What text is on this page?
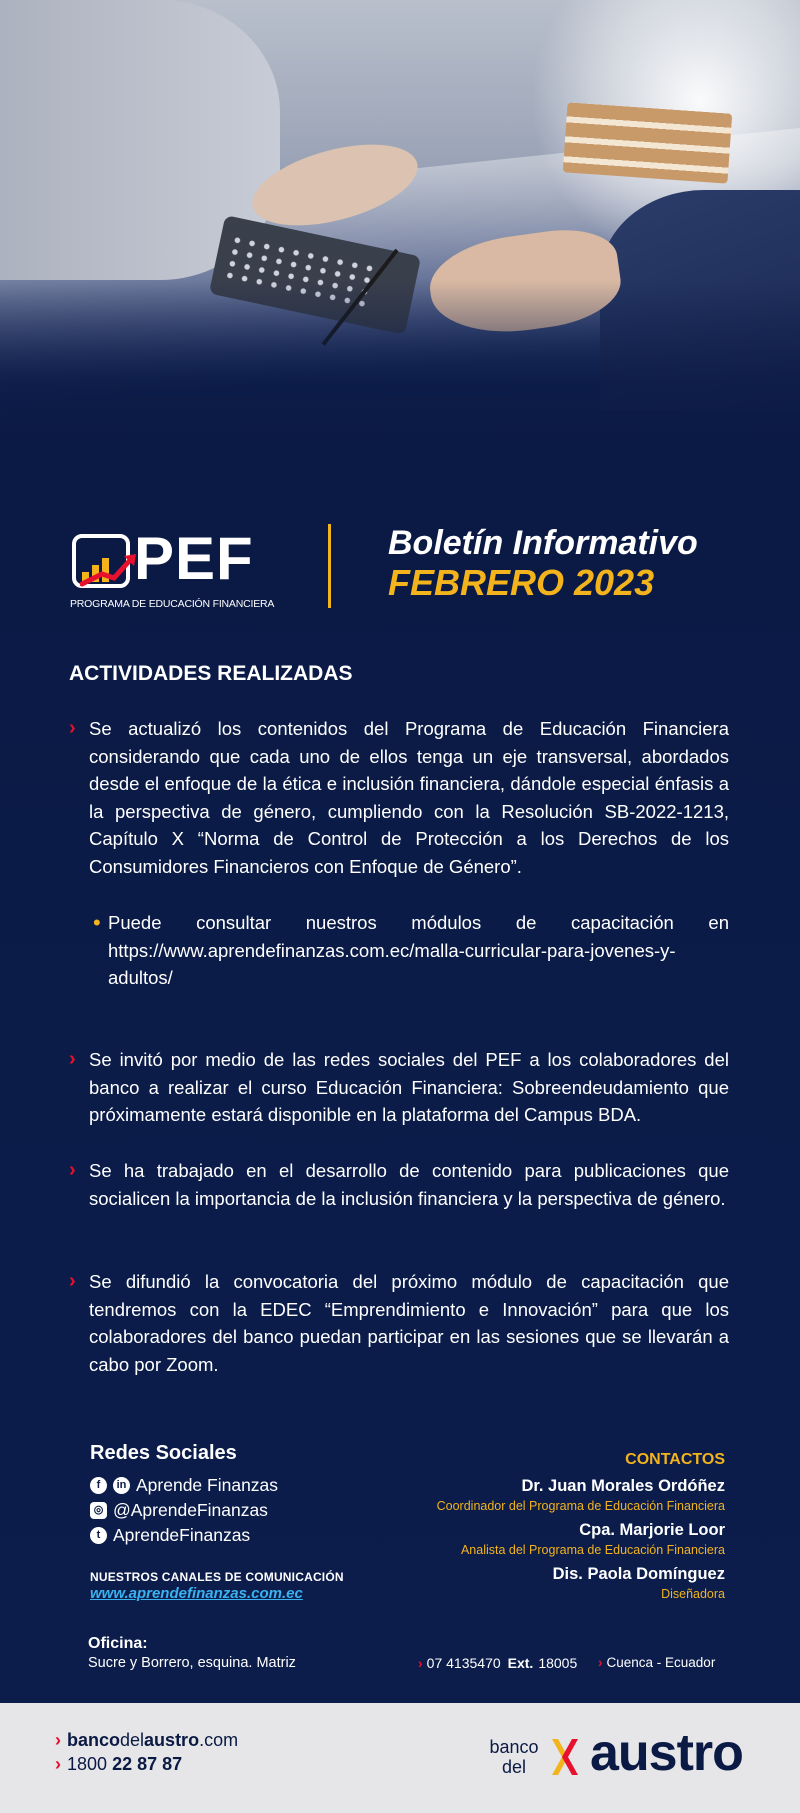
PEF
PROGRAMA DE EDUCACIÓN FINANCIERA
Boletín Informativo
FEBRERO 2023
ACTIVIDADES REALIZADAS
› Se actualizó los contenidos del Programa de Educación Financiera considerando que cada uno de ellos tenga un eje transversal, abordados desde el enfoque de la ética e inclusión financiera, dándole especial énfasis a la perspectiva de género, cumpliendo con la Resolución SB-2022-1213, Capítulo X “Norma de Control de Protección a los Derechos de los Consumidores Financieros con Enfoque de Género”.
• Puede consultar nuestros módulos de capacitación en https://www.aprendefinanzas.com.ec/malla-curricular-para-jovenes-y-adultos/
› Se invitó por medio de las redes sociales del PEF a los colaboradores del banco a realizar el curso Educación Financiera: Sobreendeudamiento que próximamente estará disponible en la plataforma del Campus BDA.
› Se ha trabajado en el desarrollo de contenido para publicaciones que socialicen la importancia de la inclusión financiera y la perspectiva de género.
› Se difundió la convocatoria del próximo módulo de capacitación que tendremos con la EDEC “Emprendimiento e Innovación” para que los colaboradores del banco puedan participar en las sesiones que se llevarán a cabo por Zoom.
Redes Sociales
f	in Aprende Finanzas
◎ @AprendeFinanzas
t AprendeFinanzas
NUESTROS CANALES DE COMUNICACIÓN
www.aprendefinanzas.com.ec
CONTACTOS
Dr. Juan Morales Ordóñez
Coordinador del Programa de Educación Financiera
Cpa. Marjorie Loor
Analista del Programa de Educación Financiera
Dis. Paola Domínguez
Diseñadora
Oficina:
Sucre y Borrero, esquina. Matriz	› 07 4135470 Ext. 18005 › Cuenca - Ecuador
› banco del austro .com
› 1800
22 87 87
banco
del	austro
